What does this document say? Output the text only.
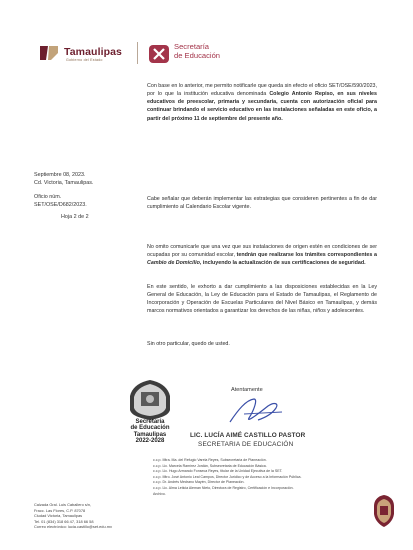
Tamaulipas
Gobierno del Estado
Secretaría
de Educación
Septiembre 08, 2023.
Cd. Victoria, Tamaulipas.
Oficio núm.
SET/OSE/D682/2023.
Hoja 2 de 2

Con base en lo anterior, me permito notificarle que queda sin efecto el oficio SET/OSE/590/2023, por lo que la institución educativa denominada Colegio Antonio Repiso, en sus niveles educativos de preescolar, primaria y secundaria, cuenta con autorización oficial para continuar brindando el servicio educativo en las instalaciones señaladas en este oficio, a partir del próximo 11 de septiembre del presente año.

Cabe señalar que deberán implementar las estrategias que consideren pertinentes a fin de dar cumplimiento al Calendario Escolar vigente.

No omito comunicarle que una vez que sus instalaciones de origen estén en condiciones de ser ocupadas por su comunidad escolar, tendrán que realizarse los trámites correspondientes a Cambio de Domicilio, incluyendo la actualización de sus certificaciones de seguridad.

En este sentido, le exhorto a dar cumplimiento a las disposiciones establecidas en la Ley General de Educación, la Ley de Educación para el Estado de Tamaulipas, el Reglamento de Incorporación y Operación de Escuelas Particulares del Nivel Básico en Tamaulipas, y demás marcos normativos orientados a garantizar los derechos de las niñas, niños y adolescentes.

Sin otro particular, quedo de usted.

Atentamente
Secretaría
de Educación
Tamaulipas
2022-2028
LIC. LUCÍA AIMÉ CASTILLO PASTOR
SECRETARIA DE EDUCACIÓN
c.c.p. Mtra. Ma. del Refugio Varela Reyes, Subsecretaria de Planeación.
c.c.p. Lic. Marcela Ramírez Jordán, Subsecretaria de Educación Básica.
c.c.p. Lic. Hugo Armando Fonseca Reyes, titular de la Unidad Ejecutiva de la SET.
c.c.p. Mtro. José Antonio Leal Campos, Director Jurídico y de Acceso a la Información Pública.
c.c.p. Dr. Andrés Medrano Mayén, Director de Planeación.
c.c.p. Lic. Alma Leticia Aleman Nieto, Directora de Registro, Certificación e Incorporación.
Archivo.
Calzada Gral. Luis Caballero s/n,
Fracc. Las Flores, C.P. 87078
Ciudad Victoria, Tamaulipas
Tel. 01 (834) 318 66 47, 318 66 58
Correo electrónico: lucia.castillo@set.edu.mx
